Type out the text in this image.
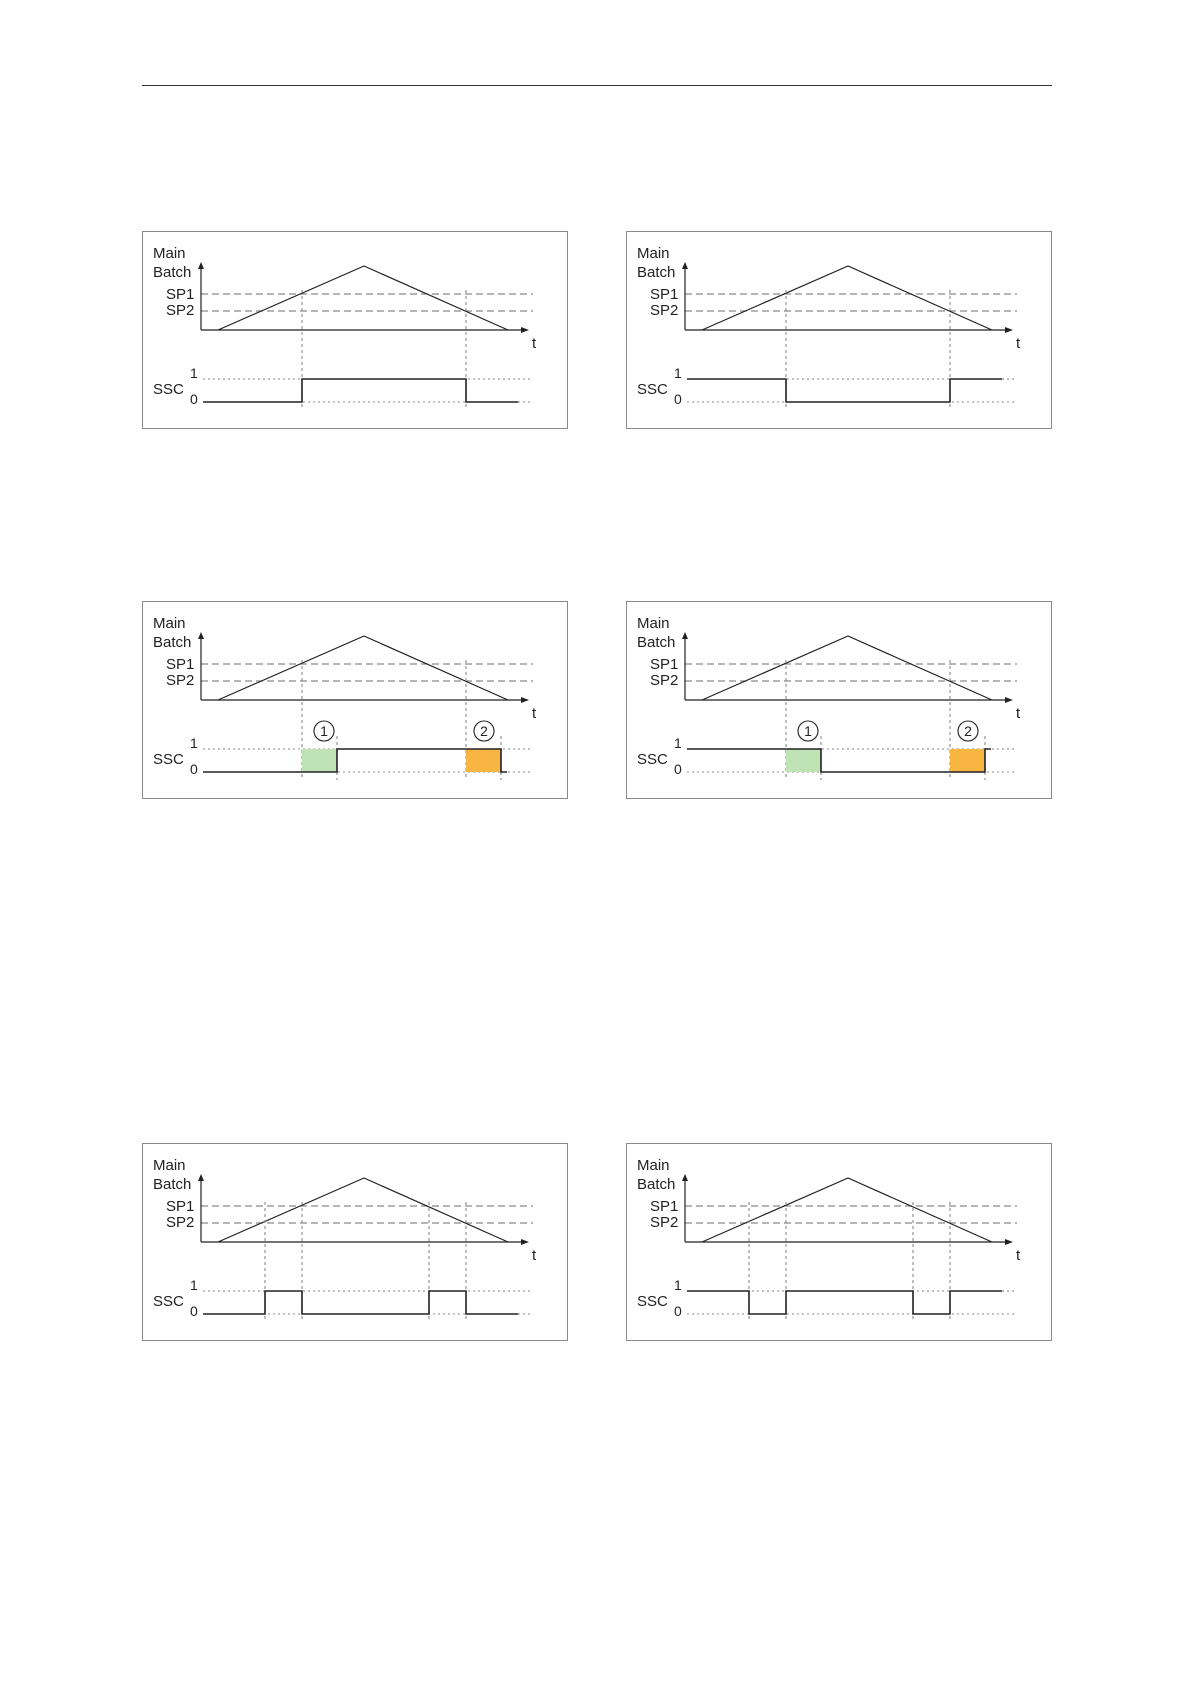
Main
Batch
SP1
SP2
t
SSC
1
0
Main
Batch
SP1
SP2
t
SSC
1
0
Main
Batch
SP1
SP2
t
SSC
1
0
1	2
Main
Batch
SP1
SP2
t
SSC
1
0
1	2
Main
Batch
SP1
SP2
t
SSC
1
0
Main
Batch
SP1
SP2
t
SSC
1
0
